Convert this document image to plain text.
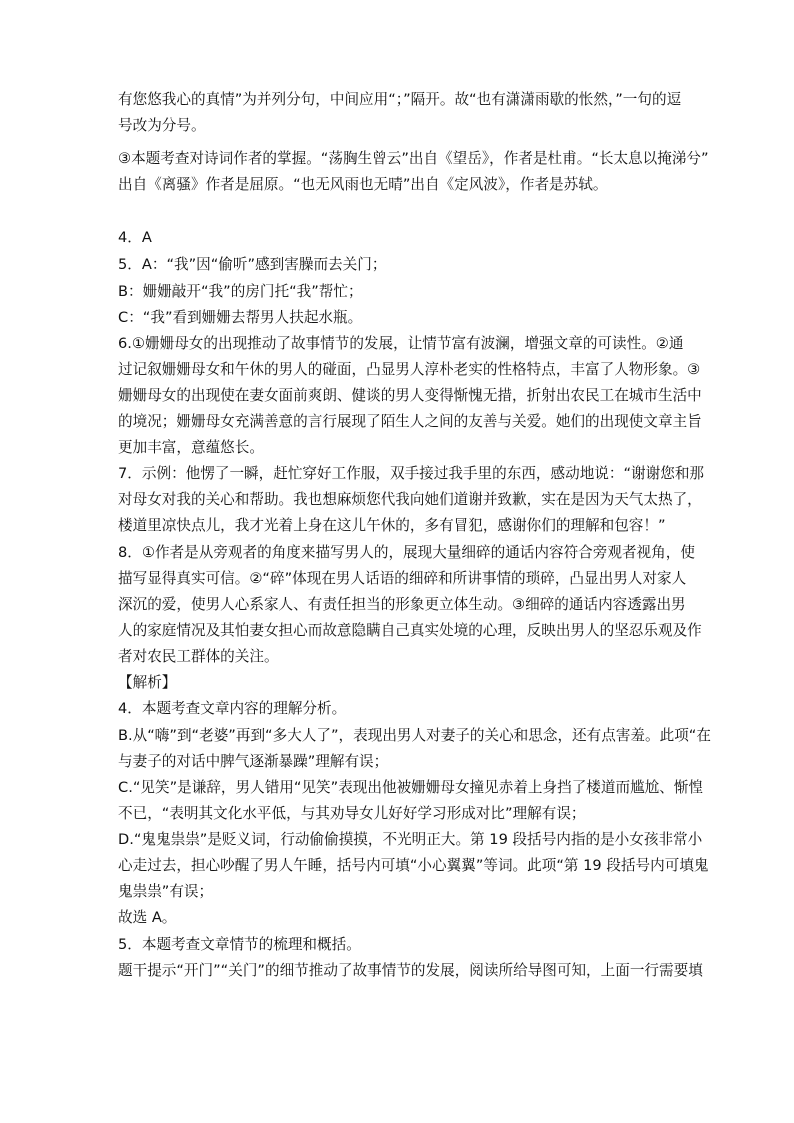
有您悠我心的真情”为并列分句，中间应用“；”隔开。故“也有潇潇雨歇的怅然，”一句的逗
号改为分号。
③本题考查对诗词作者的掌握。“荡胸生曾云”出自《望岳》，作者是杜甫。“长太息以掩涕兮”
出自《离骚》作者是屈原。“也无风雨也无晴”出自《定风波》，作者是苏轼。
4．A
5．A：“我”因“偷听”感到害臊而去关门；
B：姗姗敲开“我”的房门托“我”帮忙；
C：“我”看到姗姗去帮男人扶起水瓶。
6.①姗姗母女的出现推动了故事情节的发展，让情节富有波澜，增强文章的可读性。②通
过记叙姗姗母女和午休的男人的碰面，凸显男人淳朴老实的性格特点，丰富了人物形象。③
姗姗母女的出现使在妻女面前爽朗、健谈的男人变得惭愧无措，折射出农民工在城市生活中
的境况；姗姗母女充满善意的言行展现了陌生人之间的友善与关爱。她们的出现使文章主旨
更加丰富，意蕴悠长。
7．示例：他愣了一瞬，赶忙穿好工作服，双手接过我手里的东西，感动地说：“谢谢您和那
对母女对我的关心和帮助。我也想麻烦您代我向她们道谢并致歉，实在是因为天气太热了，
楼道里凉快点儿，我才光着上身在这儿午休的，多有冒犯，感谢你们的理解和包容！”
8．①作者是从旁观者的角度来描写男人的，展现大量细碎的通话内容符合旁观者视角，使
描写显得真实可信。②“碎”体现在男人话语的细碎和所讲事情的琐碎，凸显出男人对家人
深沉的爱，使男人心系家人、有责任担当的形象更立体生动。③细碎的通话内容透露出男
人的家庭情况及其怕妻女担心而故意隐瞒自己真实处境的心理，反映出男人的坚忍乐观及作
者对农民工群体的关注。
【解析】
4．本题考查文章内容的理解分析。
B.从“嗨”到“老婆”再到“多大人了”，表现出男人对妻子的关心和思念，还有点害羞。此项“在
与妻子的对话中脾气逐渐暴躁”理解有误；
C.“见笑”是谦辞，男人错用“见笑”表现出他被姗姗母女撞见赤着上身挡了楼道而尴尬、惭惶
不已，“表明其文化水平低，与其劝导女儿好好学习形成对比”理解有误；
D.“鬼鬼祟祟”是贬义词，行动偷偷摸摸，不光明正大。第 19 段括号内指的是小女孩非常小
心走过去，担心吵醒了男人午睡，括号内可填“小心翼翼”等词。此项“第 19 段括号内可填鬼
鬼祟祟”有误；
故选 A。
5．本题考查文章情节的梳理和概括。
题干提示“开门”“关门”的细节推动了故事情节的发展，阅读所给导图可知，上面一行需要填
